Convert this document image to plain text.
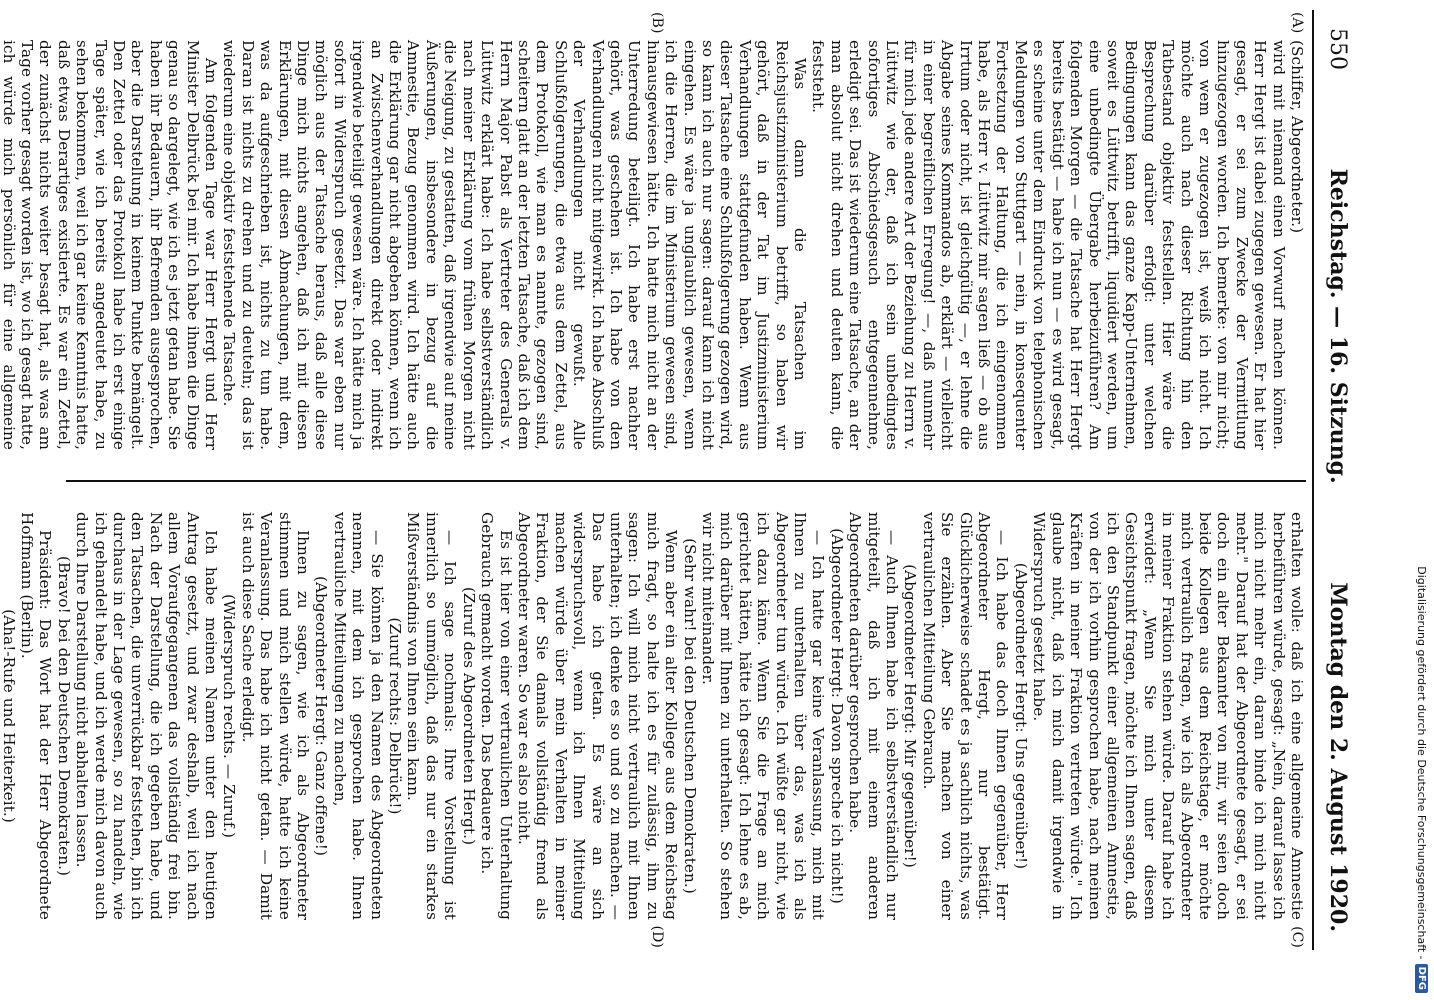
550
Reichstag. — 16. Sitzung.
Montag den 2. August 1920.
(A)
(B)

(Schiffer, Abgeordneter.)

wird mit niemand einen Vorwurf machen können. Herr Hergt ist dabei zugegen gewesen. Er hat hier gesagt, er sei zum Zwecke der Vermittlung hinzugezogen worden. Ich bemerke: von mir nicht; von wem er zugezogen ist, weiß ich nicht. Ich möchte auch nach dieser Richtung hin den Tatbestand objektiv feststellen. Hier wäre die Besprechung darüber erfolgt: unter welchen Bedingungen kann das ganze Kapp-Unternehmen, soweit es Lüttwitz betrifft, liquidiert werden, um eine unbedingte Übergabe herbeizuführen? Am folgenden Morgen — die Tatsache hat Herr Hergt bereits bestätigt — habe ich nun — es wird gesagt, es scheine unter dem Eindruck von telephonischen Meldungen von Stuttgart — nein, in konsequenter Fortsetzung der Haltung, die ich eingenommen habe, als Herr v. Lüttwitz mir sagen ließ — ob aus Irrtum oder nicht, ist gleichgültig —, er lehne die Abgabe seines Kommandos ab, erklärt — vielleicht in einer begreiflichen Erregung! —, daß nunmehr für mich jede andere Art der Beziehung zu Herrn v. Lüttwitz wie der, daß ich sein unbedingtes sofortiges Abschiedsgesuch entgegennehme, erledigt sei. Das ist wiederum eine Tatsache, an der man absolut nicht drehen und deuten kann, die feststeht.

Was dann die Tatsachen im Reichsjustizministerium betrifft, so haben wir gehört, daß in der Tat im Justizministerium Verhandlungen stattgefunden haben. Wenn aus dieser Tatsache eine Schlußfolgerung gezogen wird, so kann ich auch nur sagen: darauf kann ich nicht eingehen. Es wäre ja unglaublich gewesen, wenn ich die Herren, die im Ministerium gewesen sind, hinausgewiesen hätte. Ich hatte mich nicht an der Unterredung beteiligt. Ich habe erst nachher gehört, was geschehen ist. Ich habe von den Verhandlungen nicht mitgewirkt. Ich habe Abschluß der Verhandlungen nicht gewußt. Alle Schlußfolgerungen, die etwa aus dem Zettel, aus dem Protokoll, wie man es nannte, gezogen sind, scheitern glatt an der letzten Tatsache, daß ich dem Herrn Major Pabst als Vertreter des Generals v. Lüttwitz erklärt habe: Ich habe selbstverständlich nach meiner Erklärung vom frühen Morgen nicht die Neigung, zu gestatten, daß irgendwie auf meine Äußerungen, insbesondere in bezug auf die Amnestie, Bezug genommen wird. Ich hätte auch die Erklärung gar nicht abgeben können, wenn ich an Zwischenverhandlungen direkt oder indirekt irgendwie beteiligt gewesen wäre. Ich hätte mich ja sofort in Widerspruch gesetzt. Das war eben nur möglich aus der Tatsache heraus, daß alle diese Dinge mich nichts angehen, daß ich mit diesen Erklärungen, mit diesen Abmachungen, mit dem, was da aufgeschrieben ist, nichts zu tun habe. Daran ist nichts zu drehen und zu deuteln; das ist wiederum eine objektiv feststehende Tatsache.

Am folgenden Tage war Herr Hergt und Herr Minister Delbrück bei mir. Ich habe ihnen die Dinge genau so dargelegt, wie ich es jetzt getan habe. Sie haben ihr Bedauern, ihr Befremden ausgesprochen, aber die Darstellung in keinem Punkte bemängelt. Den Zettel oder das Protokoll habe ich erst einige Tage später, wie ich bereits angedeutet habe, zu sehen bekommen, weil ich gar keine Kenntnis hatte, daß etwas Derartiges existierte. Es war ein Zettel, der zunächst nichts weiter besagt hat, als was am Tage vorher gesagt worden ist, wo ich gesagt hatte, ich würde mich persönlich für eine allgemeine

(C)
(D)

erhalten wolle: daß ich eine allgemeine Amnestie herbeiführen würde, gesagt: „Nein, darauf lasse ich mich nicht mehr ein, daran binde ich mich nicht mehr." Darauf hat der Abgeordnete gesagt, er sei doch ein alter Bekannter von mir, wir seien doch beide Kollegen aus dem Reichstage, er möchte mich vertraulich fragen, wie ich als Abgeordneter in meiner Fraktion stehen würde. Darauf habe ich erwidert: „Wenn Sie mich unter diesem Gesichtspunkt fragen, möchte ich Ihnen sagen, daß ich den Standpunkt einer allgemeinen Amnestie, von der ich vorhin gesprochen habe, nach meinen Kräften in meiner Fraktion vertreten würde." Ich glaube nicht, daß ich mich damit irgendwie in Widerspruch gesetzt habe.

(Abgeordneter Hergt: Uns gegenüber!)

— Ich habe das doch Ihnen gegenüber, Herr Abgeordneter Hergt, nur bestätigt. Glücklicherweise schadet es ja sachlich nichts, was Sie erzählen. Aber Sie machen von einer vertraulichen Mitteilung Gebrauch.

(Abgeordneter Hergt: Mir gegenüber!)

— Auch Ihnen habe ich selbstverständlich nur mitgeteilt, daß ich mit einem anderen Abgeordneten darüber gesprochen habe.

(Abgeordneter Hergt: Davon spreche ich nicht!)

— Ich hatte gar keine Veranlassung, mich mit Ihnen zu unterhalten über das, was ich als Abgeordneter tun würde. Ich wüßte gar nicht, wie ich dazu käme. Wenn Sie die Frage an mich gerichtet hätten, hätte ich gesagt: Ich lehne es ab, mich darüber mit Ihnen zu unterhalten. So stehen wir nicht miteinander.

(Sehr wahr! bei den Deutschen Demokraten.)

Wenn aber ein alter Kollege aus dem Reichstag mich fragt, so halte ich es für zulässig, ihm zu sagen: Ich will mich nicht vertraulich mit Ihnen unterhalten; ich denke es so und so zu machen. — Das habe ich getan. Es wäre an sich widerspruchsvoll, wenn ich Ihnen Mitteilung machen würde über mein Verhalten in meiner Fraktion, der Sie damals vollständig fremd als Abgeordneter waren. So war es also nicht.

Es ist hier von einer vertraulichen Unterhaltung Gebrauch gemacht worden. Das bedauere ich.

(Zuruf des Abgeordneten Hergt.)

— Ich sage nochmals: Ihre Vorstellung ist innerlich so unmöglich, daß das nur ein starkes Mißverständnis von Ihnen sein kann.

(Zuruf rechts: Delbrück!)

— Sie können ja den Namen des Abgeordneten nennen, mit dem ich gesprochen habe. Ihnen vertrauliche Mitteilungen zu machen,

(Abgeordneter Hergt: Ganz offene!)

Ihnen zu sagen, wie ich als Abgeordneter stimmen und mich stellen würde, hatte ich keine Veranlassung. Das habe ich nicht getan. — Damit ist auch diese Sache erledigt.

(Widerspruch rechts. — Zuruf.)

Ich habe meinen Namen unter den heutigen Antrag gesetzt, und zwar deshalb, weil ich nach allem Voraufgegangenen das vollständig frei bin. Nach der Darstellung, die ich gegeben habe, und den Tatsachen, die unverrückbar feststehen, bin ich durchaus in der Lage gewesen, so zu handeln, wie ich gehandelt habe, und ich werde mich davon auch durch Ihre Darstellung nicht abhalten lassen.

(Bravo! bei den Deutschen Demokraten.)

Präsident: Das Wort hat der Herr Abgeordnete Hoffmann (Berlin).

(Aha!-Rufe und Heiterkeit.)	Digitalisierung gefördert durch die Deutsche Forschungsgemeinschaft -
DFG
